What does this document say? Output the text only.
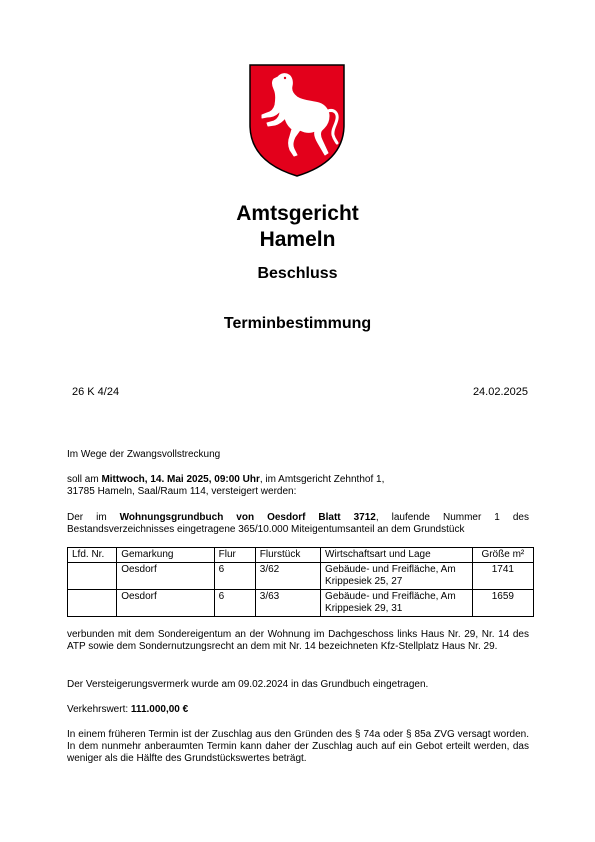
Amtsgericht
Hameln
Beschluss
Terminbestimmung
26 K 4/24	24.02.2025
Im Wege der Zwangsvollstreckung
soll am Mittwoch, 14. Mai 2025, 09:00 Uhr, im Amtsgericht Zehnthof 1,
31785 Hameln, Saal/Raum 114, versteigert werden:
Der im Wohnungsgrundbuch von Oesdorf Blatt 3712, laufende Nummer 1 des Bestandsverzeichnisses eingetragene 365/10.000 Miteigentumsanteil an dem Grundstück
Lfd. Nr.	Gemarkung	Flur	Flurstück	Wirtschaftsart und Lage	Größe m²
	Oesdorf	6	3/62	Gebäude- und Freifläche, Am Krippesiek 25, 27	1741
	Oesdorf	6	3/63	Gebäude- und Freifläche, Am Krippesiek 29, 31	1659
verbunden mit dem Sondereigentum an der Wohnung im Dachgeschoss links Haus Nr. 29, Nr. 14 des ATP sowie dem Sondernutzungsrecht an dem mit Nr. 14 bezeichneten Kfz-Stellplatz Haus Nr. 29.
Der Versteigerungsvermerk wurde am 09.02.2024 in das Grundbuch eingetragen.
Verkehrswert: 111.000,00 €
In einem früheren Termin ist der Zuschlag aus den Gründen des § 74a oder § 85a ZVG versagt worden. In dem nunmehr anberaumten Termin kann daher der Zuschlag auch auf ein Gebot erteilt werden, das weniger als die Hälfte des Grundstückswertes beträgt.
